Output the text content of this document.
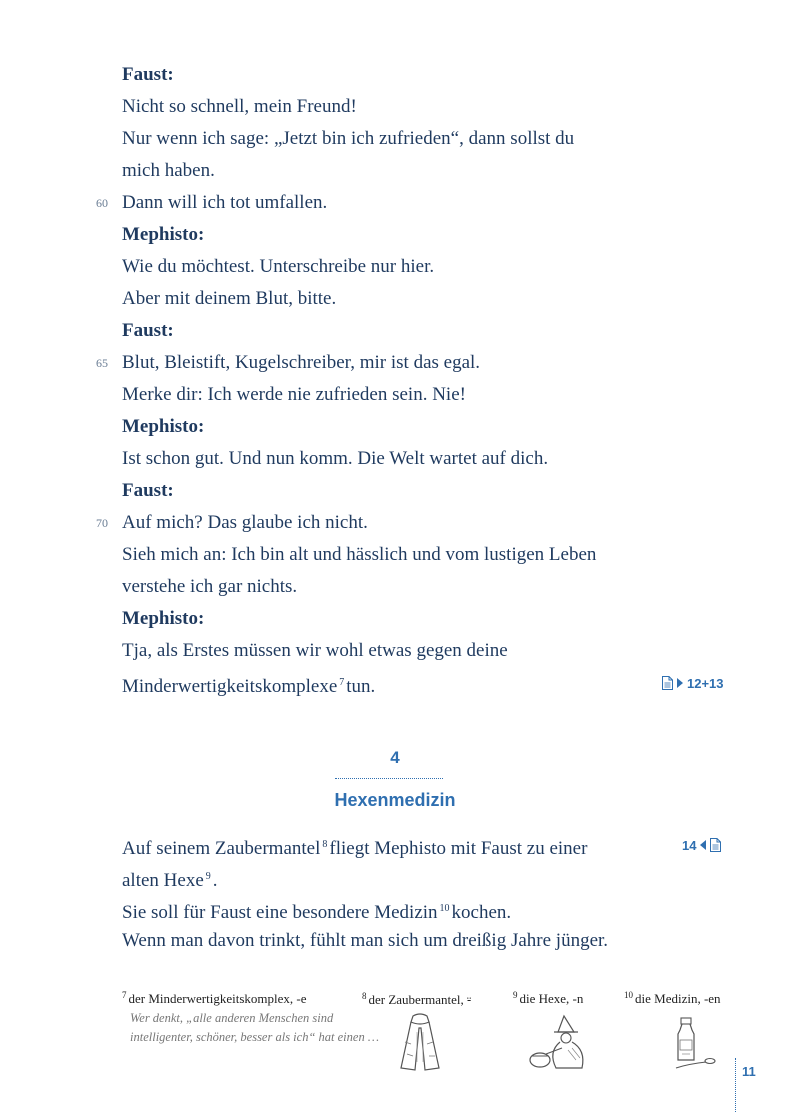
Faust:
Nicht so schnell, mein Freund!
Nur wenn ich sage: „Jetzt bin ich zufrieden“, dann sollst du
mich haben.
60 Dann will ich tot umfallen.
Mephisto:
Wie du möchtest. Unterschreibe nur hier.
Aber mit deinem Blut, bitte.
Faust:
65 Blut, Bleistift, Kugelschreiber, mir ist das egal.
Merke dir: Ich werde nie zufrieden sein. Nie!
Mephisto:
Ist schon gut. Und nun komm. Die Welt wartet auf dich.
Faust:
70 Auf mich? Das glaube ich nicht.
Sieh mich an: Ich bin alt und hässlich und vom lustigen Leben
verstehe ich gar nichts.
Mephisto:
Tja, als Erstes müssen wir wohl etwas gegen deine
Minderwertigkeitskomplexe $^7$ tun.	12+13
4
Hexenmedizin
Auf seinem Zaubermantel $^8$ fliegt Mephisto mit Faust zu einer
alten Hexe $^9$ .
Sie soll für Faust eine besondere Medizin $^{10}$ kochen.
Wenn man davon trinkt, fühlt man sich um dreißig Jahre jünger.
14
$^7$ der Minderwertigkeitskomplex, -e
Wer denkt, „alle anderen Menschen sind intelligenter, schöner, besser als ich“ hat einen …
$^8$ der Zaubermantel, ⸚	$^9$ die Hexe, -n	$^{10}$ die Medizin, -en
11
